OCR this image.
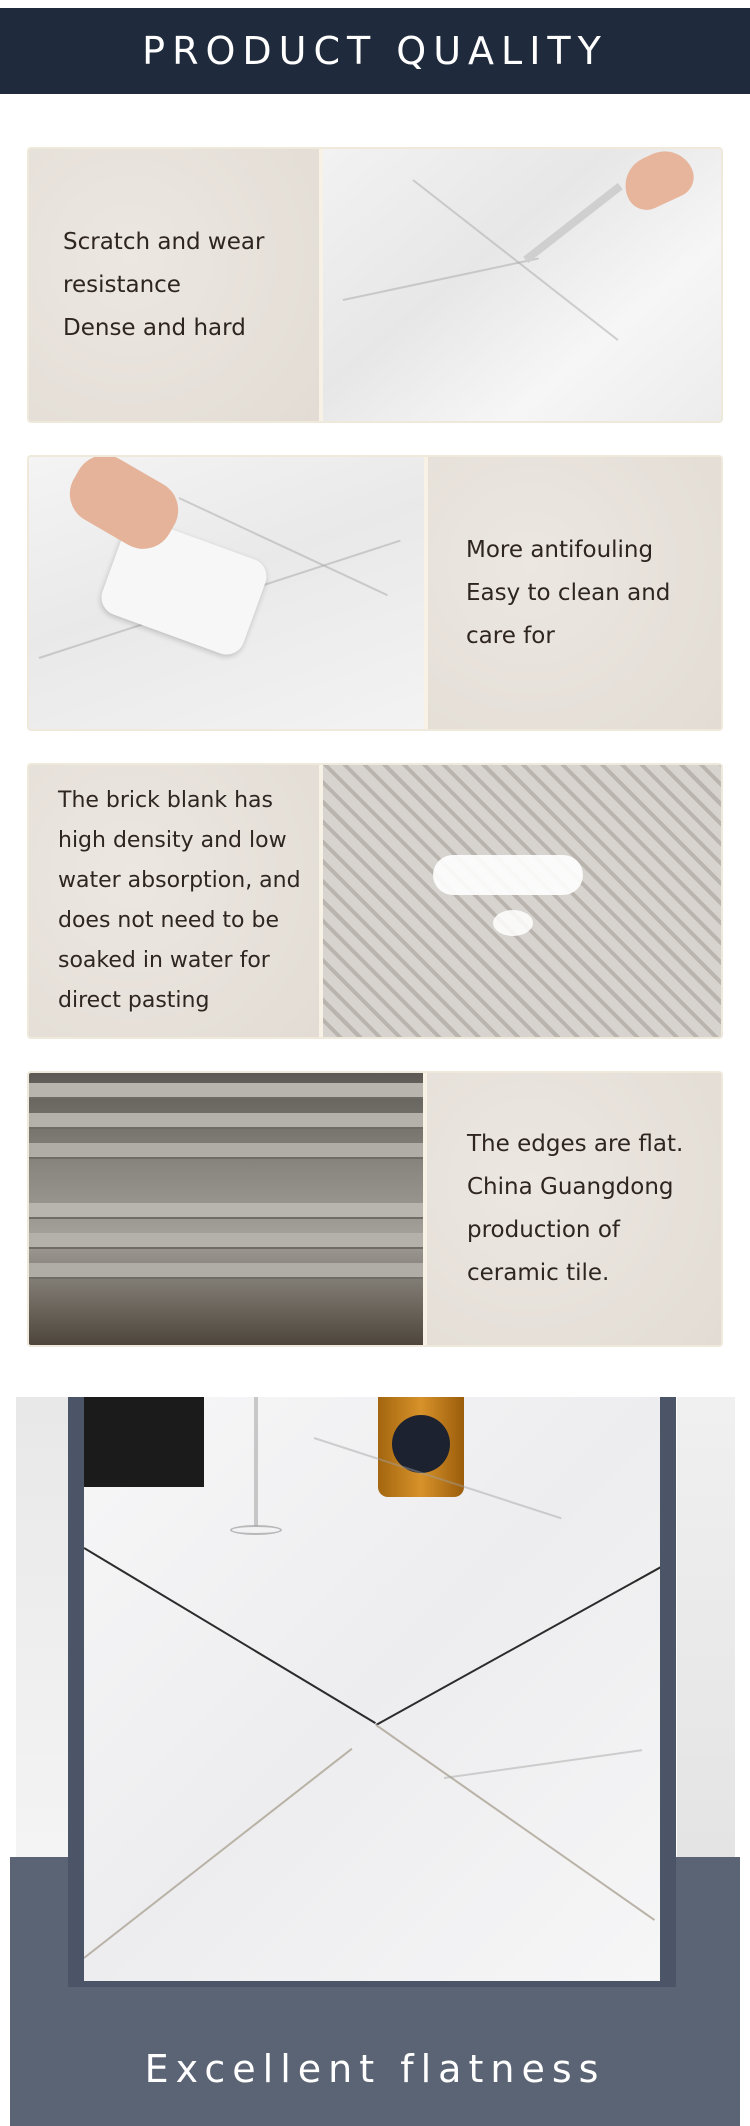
PRODUCT QUALITY
Scratch and wear
resistance
Dense and hard
More antifouling
Easy to clean and
care for
The brick blank has
high density and low
water absorption, and
does not need to be
soaked in water for
direct pasting
The edges are flat.
China Guangdong
production of
ceramic tile.
Excellent flatness
